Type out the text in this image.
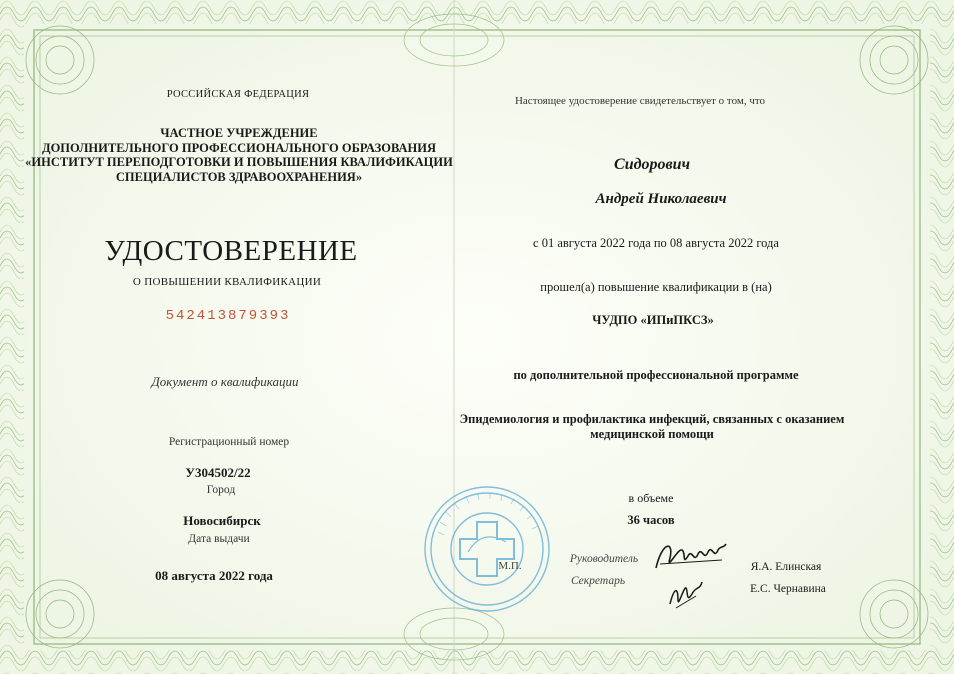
РОССИЙСКАЯ ФЕДЕРАЦИЯ
ЧАСТНОЕ УЧРЕЖДЕНИЕ
ДОПОЛНИТЕЛЬНОГО ПРОФЕССИОНАЛЬНОГО ОБРАЗОВАНИЯ
«ИНСТИТУТ ПЕРЕПОДГОТОВКИ И ПОВЫШЕНИЯ КВАЛИФИКАЦИИ
СПЕЦИАЛИСТОВ ЗДРАВООХРАНЕНИЯ»
УДОСТОВЕРЕНИЕ
О ПОВЫШЕНИИ КВАЛИФИКАЦИИ
542413879393
Документ о квалификации
Регистрационный номер
У304502/22
Город
Новосибирск
Дата выдачи
08 августа 2022 года
Настоящее удостоверение свидетельствует о том, что
Сидорович
Андрей Николаевич
с 01 августа 2022 года по 08 августа 2022 года
прошел(а) повышение квалификации в (на)
ЧУДПО «ИПиПКСЗ»
по дополнительной профессиональной программе
Эпидемиология и профилактика инфекций, связанных с оказанием медицинской помощи
в объеме
36 часов
М.П.
Руководитель
Я.А. Елинская
Секретарь
Е.С. Чернавина
